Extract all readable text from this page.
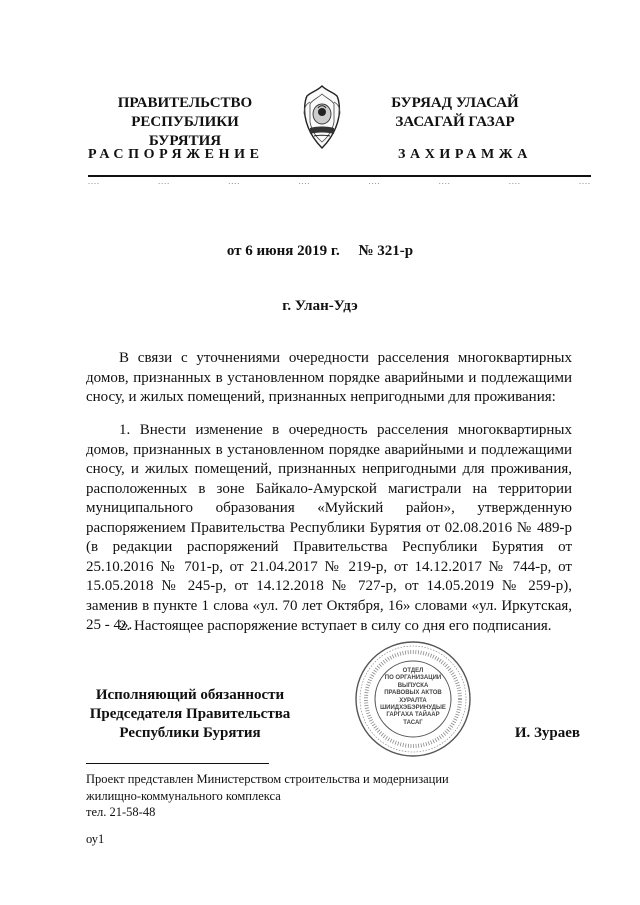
ПРАВИТЕЛЬСТВО
РЕСПУБЛИКИ БУРЯТИЯ
БУРЯАД УЛАСАЙ
ЗАСАГАЙ ГАЗАР
РАСПОРЯЖЕНИЕ	ЗАХИРАМЖА
....	....	....	....	....	....	....	....
от 6 июня 2019 г.     № 321-р
г. Улан-Удэ

В связи с уточнениями очередности расселения многоквартирных домов, признанных в установленном порядке аварийными и подлежащими сносу, и жилых помещений, признанных непригодными для проживания:

1. Внести изменение в очередность расселения многоквартирных домов, признанных в установленном порядке аварийными и подлежащими сносу, и жилых помещений, признанных непригодными для проживания, расположенных в зоне Байкало-Амурской магистрали на территории муниципального образования «Муйский район», утвержденную распоряжением Правительства Республики Бурятия от 02.08.2016 № 489-р (в редакции распоряжений Правительства Республики Бурятия от 25.10.2016 № 701-р, от 21.04.2017 № 219-р, от 14.12.2017 № 744-р, от 15.05.2018 № 245-р, от 14.12.2018 № 727-р, от 14.05.2019 № 259-р), заменив в пункте 1 слова «ул. 70 лет Октября, 16» словами «ул. Иркутская, 25 - 4».

2. Настоящее распоряжение вступает в силу со дня его подписания.

ОТДЕЛ
ПО ОРГАНИЗАЦИИ
ВЫПУСКА
ПРАВОВЫХ АКТОВ
ХУРАЛТА
ШИИДХЭБЭРИНУДЫЕ
ГАРГАХА ТАЙААР
ТАСАГ
Исполняющий обязанности
Председателя Правительства
Республики Бурятия	И. Зураев
Проект представлен Министерством строительства и модернизации
жилищно-коммунального комплекса
тел. 21-58-48
оу1
